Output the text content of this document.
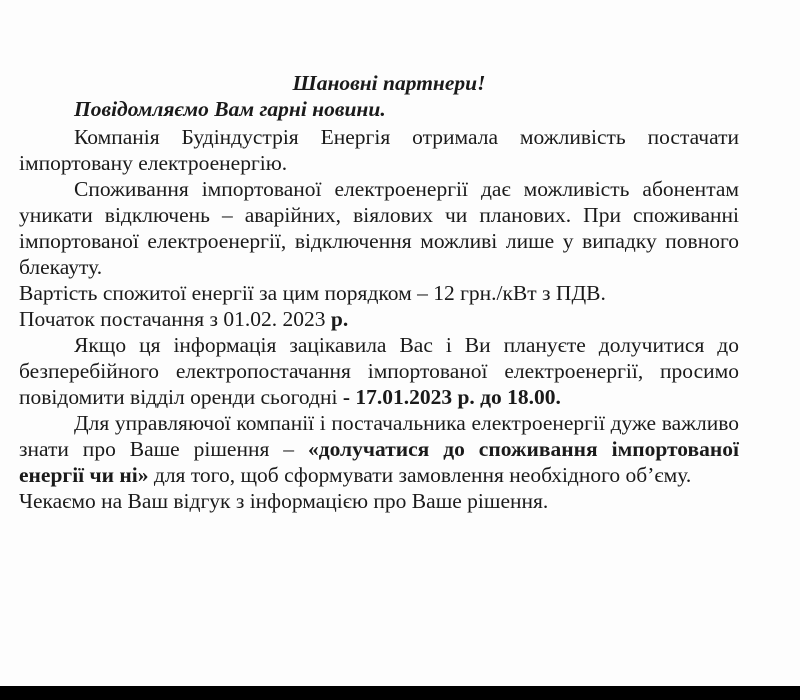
Шановні партнери!

Повідомляємо Вам гарні новини.

Компанія Будіндустрія Енергія отримала можливість постачати імпортовану електроенергію.

Споживання імпортованої електроенергії дає можливість абонентам уникати відключень – аварійних, віялових чи планових. При споживанні імпортованої електроенергії, відключення можливі лише у випадку повного блекауту.

Вартість спожитої енергії за цим порядком – 12 грн./кВт з ПДВ.

Початок постачання з 01.02. 2023 р.

Якщо ця інформація зацікавила Вас і Ви плануєте долучитися до безперебійного електропостачання імпортованої електроенергії, просимо повідомити відділ оренди сьогодні - 17.01.2023 р. до 18.00.

Для управляючої компанії і постачальника електроенергії дуже важливо знати про Ваше рішення – «долучатися до споживання імпортованої енергії чи ні» для того, щоб сформувати замовлення необхідного об’єму.

Чекаємо на Ваш відгук з інформацією про Ваше рішення.
